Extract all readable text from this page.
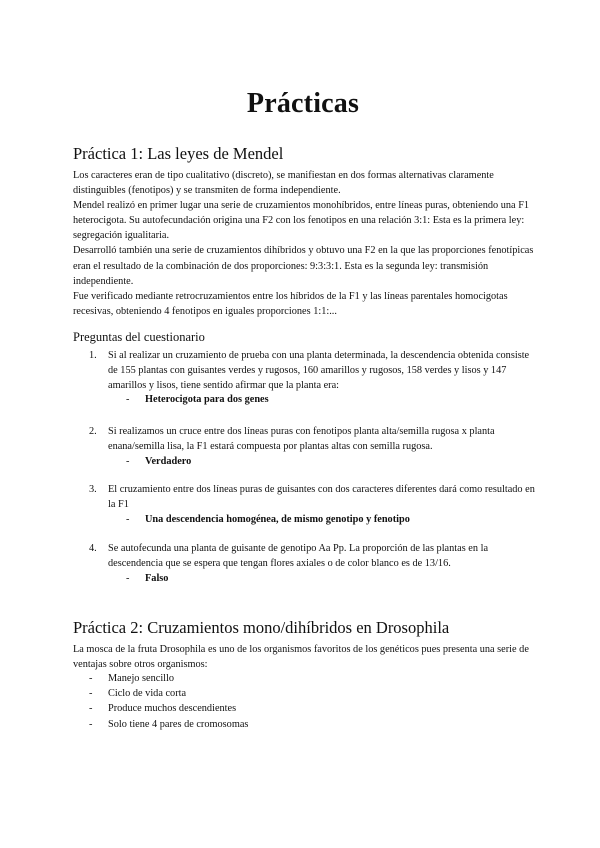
Prácticas
Práctica 1: Las leyes de Mendel

Los caracteres eran de tipo cualitativo (discreto), se manifiestan en dos formas alternativas claramente distinguibles (fenotipos) y se transmiten de forma independiente.

Mendel realizó en primer lugar una serie de cruzamientos monohíbridos, entre líneas puras, obteniendo una F1 heterocigota. Su autofecundación origina una F2 con los fenotipos en una relación 3:1: Esta es la primera ley: segregación igualitaria.

Desarrolló también una serie de cruzamientos dihíbridos y obtuvo una F2 en la que las proporciones fenotípicas eran el resultado de la combinación de dos proporciones: 9:3:3:1. Esta es la segunda ley: transmisión independiente.

Fue verificado mediante retrocruzamientos entre los híbridos de la F1 y las líneas parentales homocigotas recesivas, obteniendo 4 fenotipos en iguales proporciones 1:1:...

Preguntas del cuestionario
1. Si al realizar un cruzamiento de prueba con una planta determinada, la descendencia obtenida consiste de 155 plantas con guisantes verdes y rugosos, 160 amarillos y rugosos, 158 verdes y lisos y 147 amarillos y lisos, tiene sentido afirmar que la planta era:
- Heterocigota para dos genes
2. Si realizamos un cruce entre dos líneas puras con fenotipos planta alta/semilla rugosa x planta enana/semilla lisa, la F1 estará compuesta por plantas altas con semilla rugosa.
- Verdadero
3. El cruzamiento entre dos líneas puras de guisantes con dos caracteres diferentes dará como resultado en la F1
- Una descendencia homogénea, de mismo genotipo y fenotipo
4. Se autofecunda una planta de guisante de genotipo Aa Pp. La proporción de las plantas en la descendencia que se espera que tengan flores axiales o de color blanco es de 13/16.
- Falso
Práctica 2: Cruzamientos mono/dihíbridos en Drosophila

La mosca de la fruta Drosophila es uno de los organismos favoritos de los genéticos pues presenta una serie de ventajas sobre otros organismos:

- Manejo sencillo
- Ciclo de vida corta
- Produce muchos descendientes
- Solo tiene 4 pares de cromosomas
